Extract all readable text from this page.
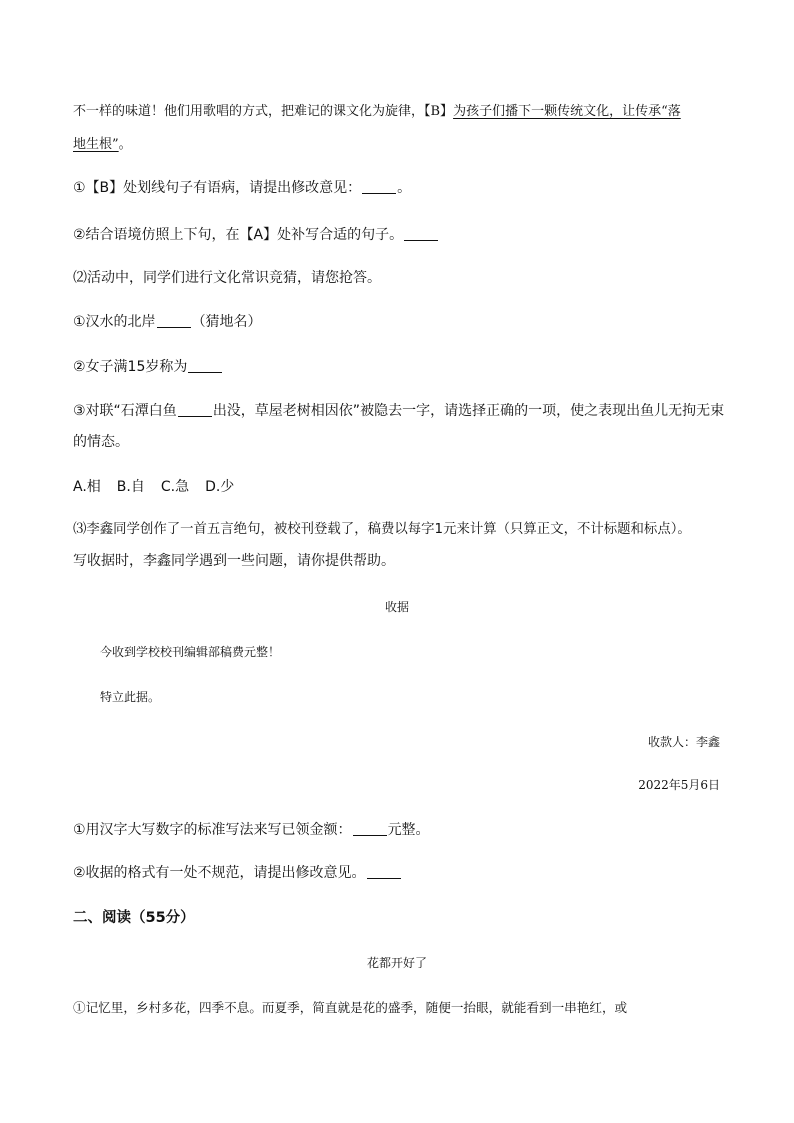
不一样的味道！他们用歌唱的方式，把难记的课文化为旋律，【B】为孩子们播下一颗传统文化，让传承“落
地生根”。
①【B】处划线句子有语病，请提出修改意见：	。
②结合语境仿照上下句，在【A】处补写合适的句子。
⑵活动中，同学们进行文化常识竞猜，请您抢答。
①汉水的北岸	（猜地名）
②女子满15岁称为
③对联“石潭白鱼	出没，草屋老树相因依”被隐去一字，请选择正确的一项，使之表现出鱼儿无拘无束
的情态。
A.相 B.自 C.急 D.少
⑶李鑫同学创作了一首五言绝句，被校刊登载了，稿费以每字1元来计算（只算正文，不计标题和标点）。
写收据时，李鑫同学遇到一些问题，请你提供帮助。
收据
今收到学校校刊编辑部稿费元整！
特立此据。
收款人：李鑫
2022年5月6日
①用汉字大写数字的标准写法来写已领金额：	元整。
②收据的格式有一处不规范，请提出修改意见。
二、阅读（55分）
花都开好了
①记忆里，乡村多花，四季不息。而夏季，简直就是花的盛季，随便一抬眼，就能看到一串艳红，或
